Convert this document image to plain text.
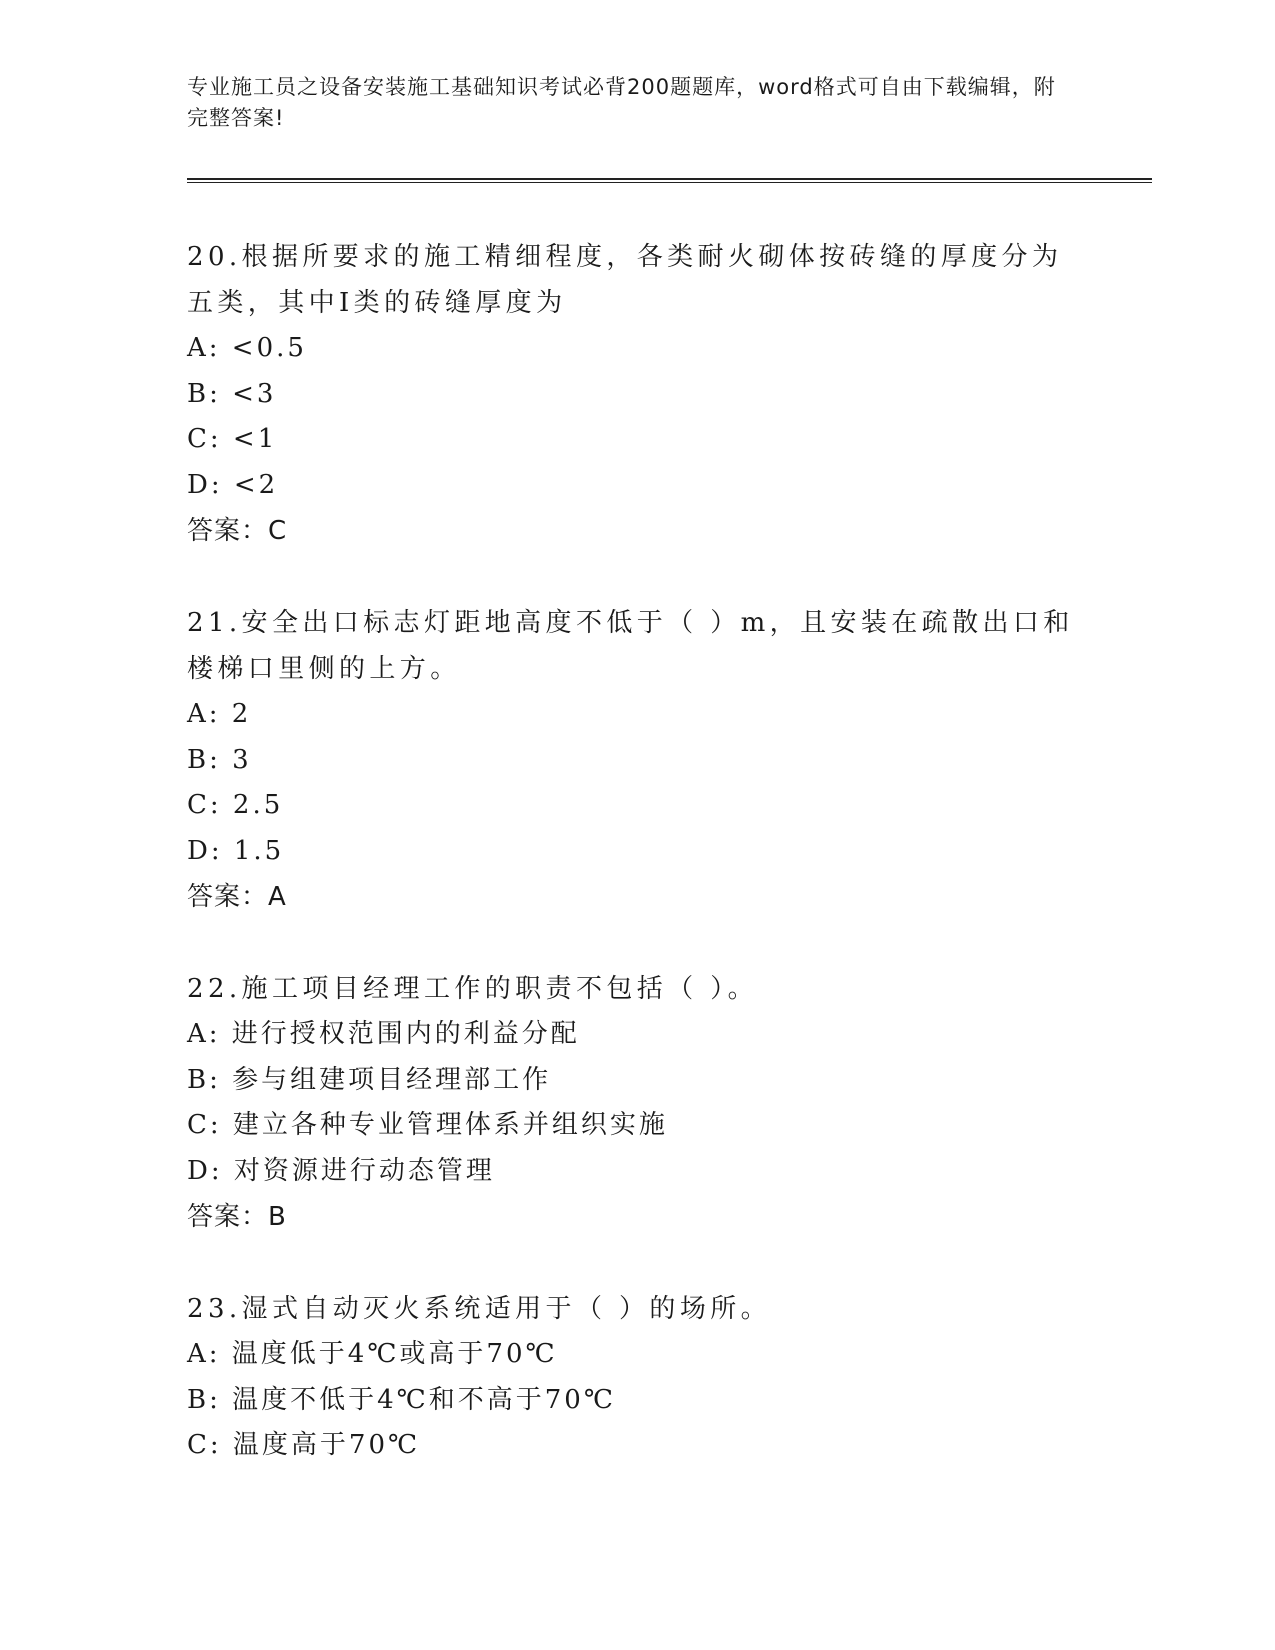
专业施工员之设备安装施工基础知识考试必背200题题库，word格式可自由下载编辑，附完整答案!
20.根据所要求的施工精细程度，各类耐火砌体按砖缝的厚度分为五类，其中Ⅰ类的砖缝厚度为
A: <0.5
B: <3
C: <1
D: <2
答案：C
21.安全出口标志灯距地高度不低于（ ）m，且安装在疏散出口和楼梯口里侧的上方。
A: 2
B: 3
C: 2.5
D: 1.5
答案：A
22.施工项目经理工作的职责不包括（ ）。
A: 进行授权范围内的利益分配
B: 参与组建项目经理部工作
C: 建立各种专业管理体系并组织实施
D: 对资源进行动态管理
答案：B
23.湿式自动灭火系统适用于（ ）的场所。
A: 温度低于4℃或高于70℃
B: 温度不低于4℃和不高于70℃
C: 温度高于70℃
